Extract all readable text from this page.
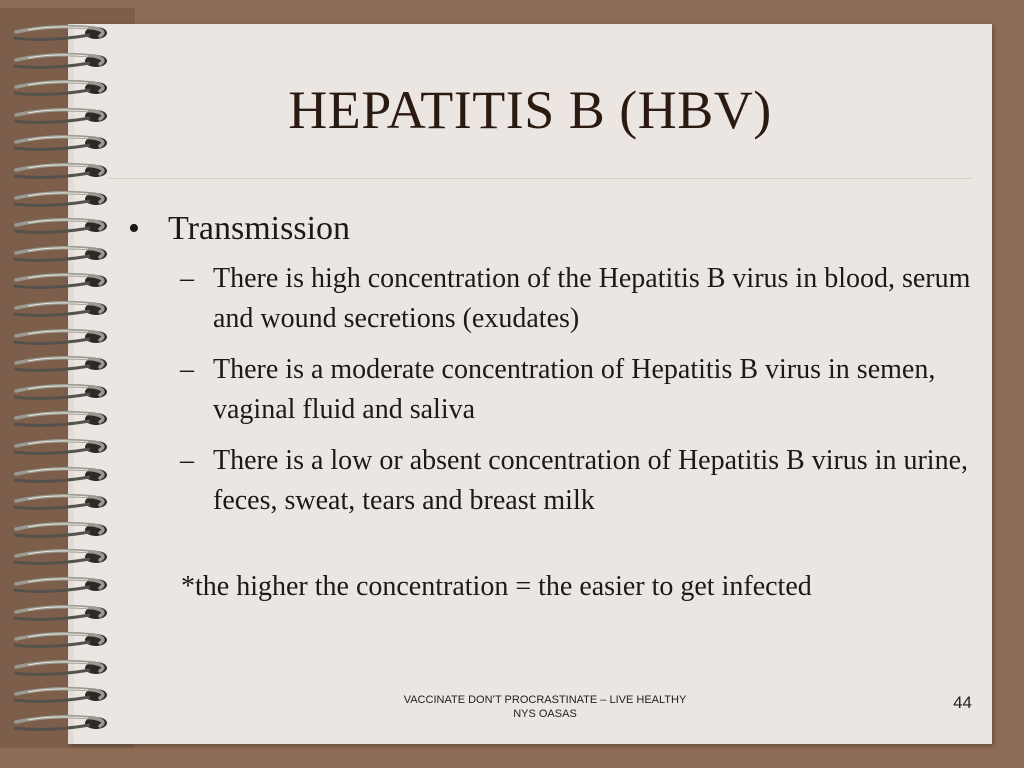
HEPATITIS B (HBV)
• Transmission
– There is high concentration of the Hepatitis B virus in blood, serum and wound secretions (exudates)
– There is a moderate concentration of Hepatitis B virus in semen, vaginal fluid and saliva
– There is a low or absent concentration of Hepatitis B virus in urine, feces, sweat, tears and breast milk
*the higher the concentration = the easier to get infected
VACCINATE DON’T PROCRASTINATE – LIVE HEALTHY
NYS OASAS
44
